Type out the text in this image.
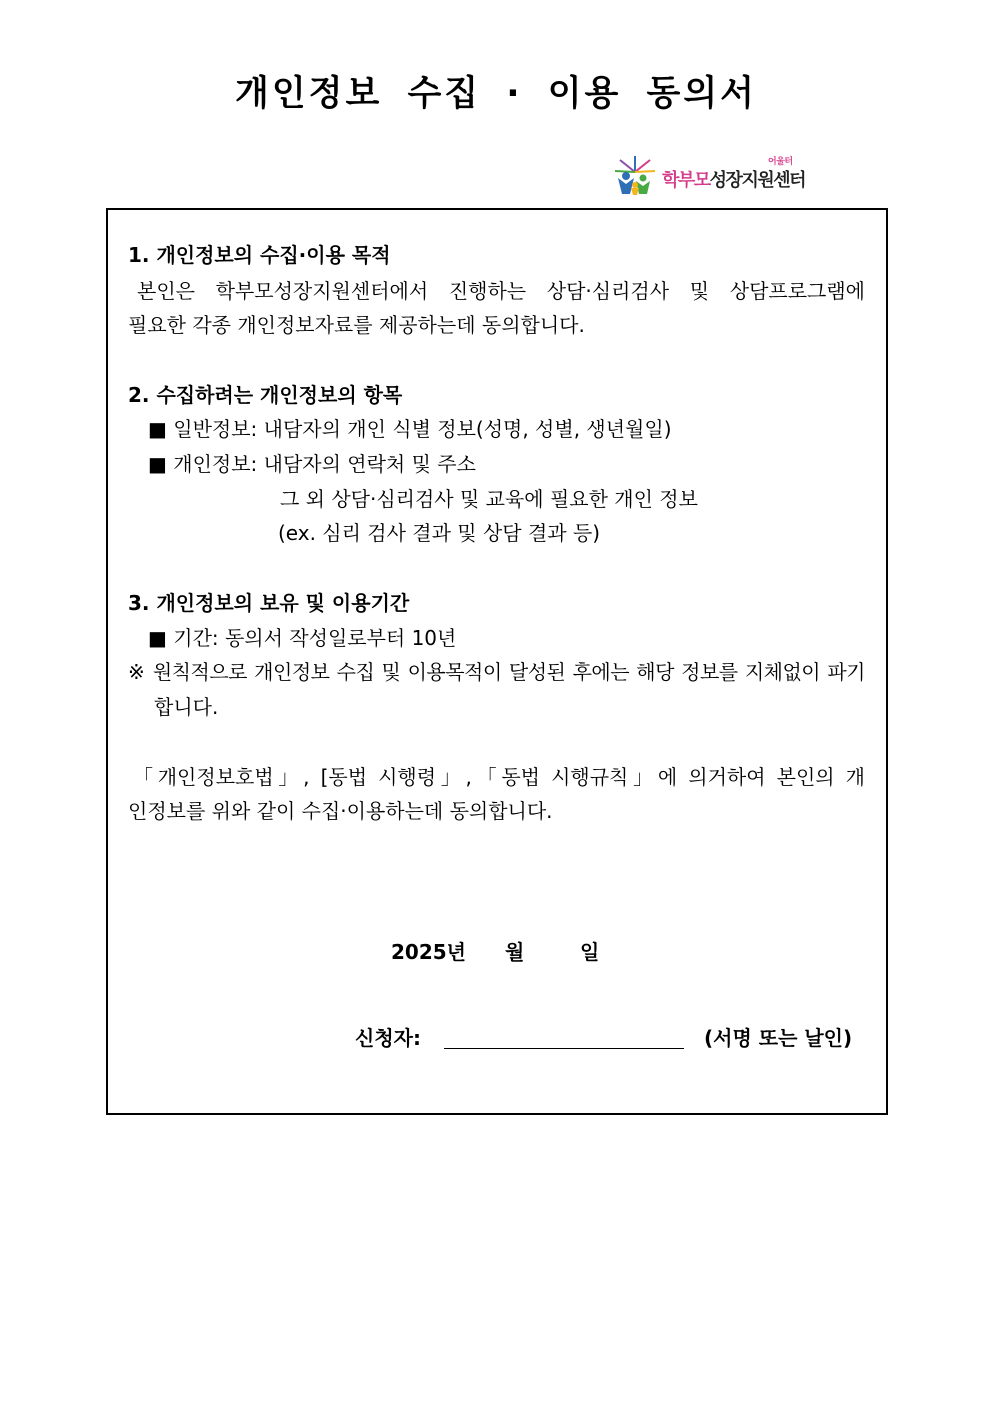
개인정보 수집 · 이용 동의서
어울터
학부모성장지원센터
1. 개인정보의 수집·이용 목적
본인은 학부모성장지원센터에서 진행하는 상담·심리검사 및 상담프로그램에
필요한 각종 개인정보자료를 제공하는데 동의합니다.
2. 수집하려는 개인정보의 항목
■ 일반정보: 내담자의 개인 식별 정보(성명, 성별, 생년월일)
■ 개인정보: 내담자의 연락처 및 주소
그 외 상담·심리검사 및 교육에 필요한 개인 정보
(ex. 심리 검사 결과 및 상담 결과 등)
3. 개인정보의 보유 및 이용기간
■ 기간: 동의서 작성일로부터 10년
※ 원칙적으로 개인정보 수집 및 이용목적이 달성된 후에는 해당 정보를 지체없이 파기
합니다.
「개인정보호법」, [동법 시행령」,「동법 시행규칙」에 의거하여 본인의 개
인정보를 위와 같이 수집·이용하는데 동의합니다.
2025년 월	일
신청자:	(서명 또는 날인)
